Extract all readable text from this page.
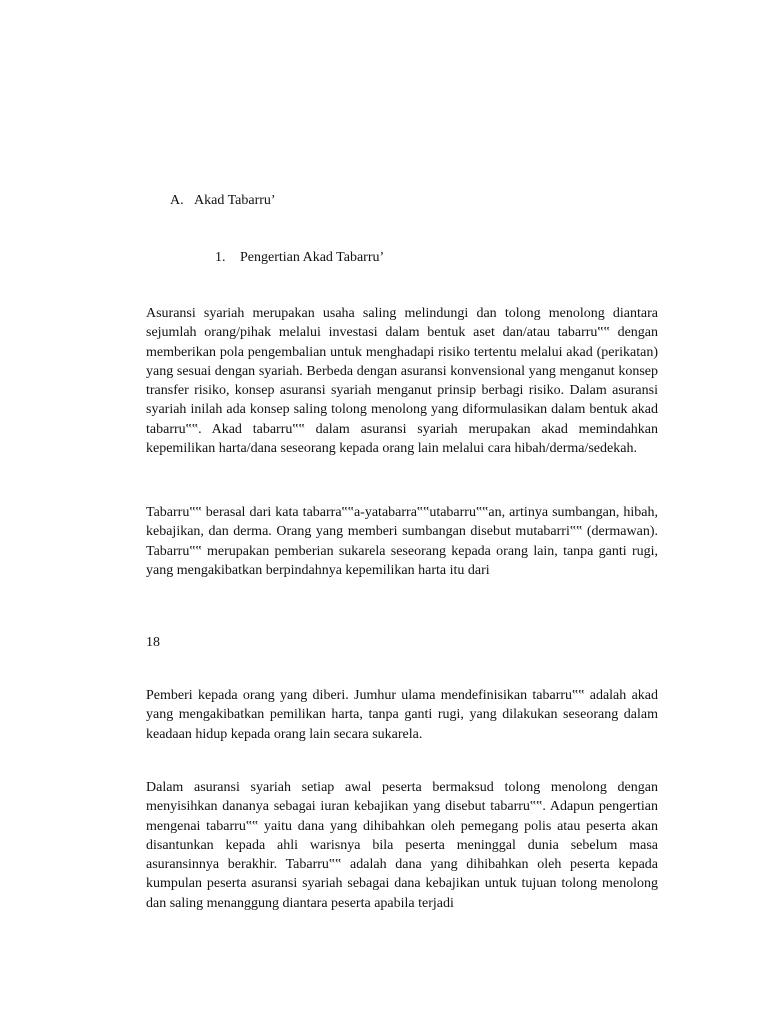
A. Akad Tabarru’
1. Pengertian Akad Tabarru’

Asuransi syariah merupakan usaha saling melindungi dan tolong menolong diantara sejumlah orang/pihak melalui investasi dalam bentuk aset dan/atau tabarru‟‟ dengan memberikan pola pengembalian untuk menghadapi risiko tertentu melalui akad (perikatan) yang sesuai dengan syariah. Berbeda dengan asuransi konvensional yang menganut konsep transfer risiko, konsep asuransi syariah menganut prinsip berbagi risiko. Dalam asuransi syariah inilah ada konsep saling tolong menolong yang diformulasikan dalam bentuk akad tabarru‟‟. Akad tabarru‟‟ dalam asuransi syariah merupakan akad memindahkan kepemilikan harta/dana seseorang kepada orang lain melalui cara hibah/derma/sedekah.

Tabarru‟‟ berasal dari kata tabarra‟‟a-yatabarra‟‟utabarru‟‟an, artinya sumbangan, hibah, kebajikan, dan derma. Orang yang memberi sumbangan disebut mutabarri‟‟ (dermawan). Tabarru‟‟ merupakan pemberian sukarela seseorang kepada orang lain, tanpa ganti rugi, yang mengakibatkan berpindahnya kepemilikan harta itu dari

18

Pemberi kepada orang yang diberi. Jumhur ulama mendefinisikan tabarru‟‟ adalah akad yang mengakibatkan pemilikan harta, tanpa ganti rugi, yang dilakukan seseorang dalam keadaan hidup kepada orang lain secara sukarela.

Dalam asuransi syariah setiap awal peserta bermaksud tolong menolong dengan menyisihkan dananya sebagai iuran kebajikan yang disebut tabarru‟‟. Adapun pengertian mengenai tabarru‟‟ yaitu dana yang dihibahkan oleh pemegang polis atau peserta akan disantunkan kepada ahli warisnya bila peserta meninggal dunia sebelum masa asuransinnya berakhir. Tabarru‟‟ adalah dana yang dihibahkan oleh peserta kepada kumpulan peserta asuransi syariah sebagai dana kebajikan untuk tujuan tolong menolong dan saling menanggung diantara peserta apabila terjadi
